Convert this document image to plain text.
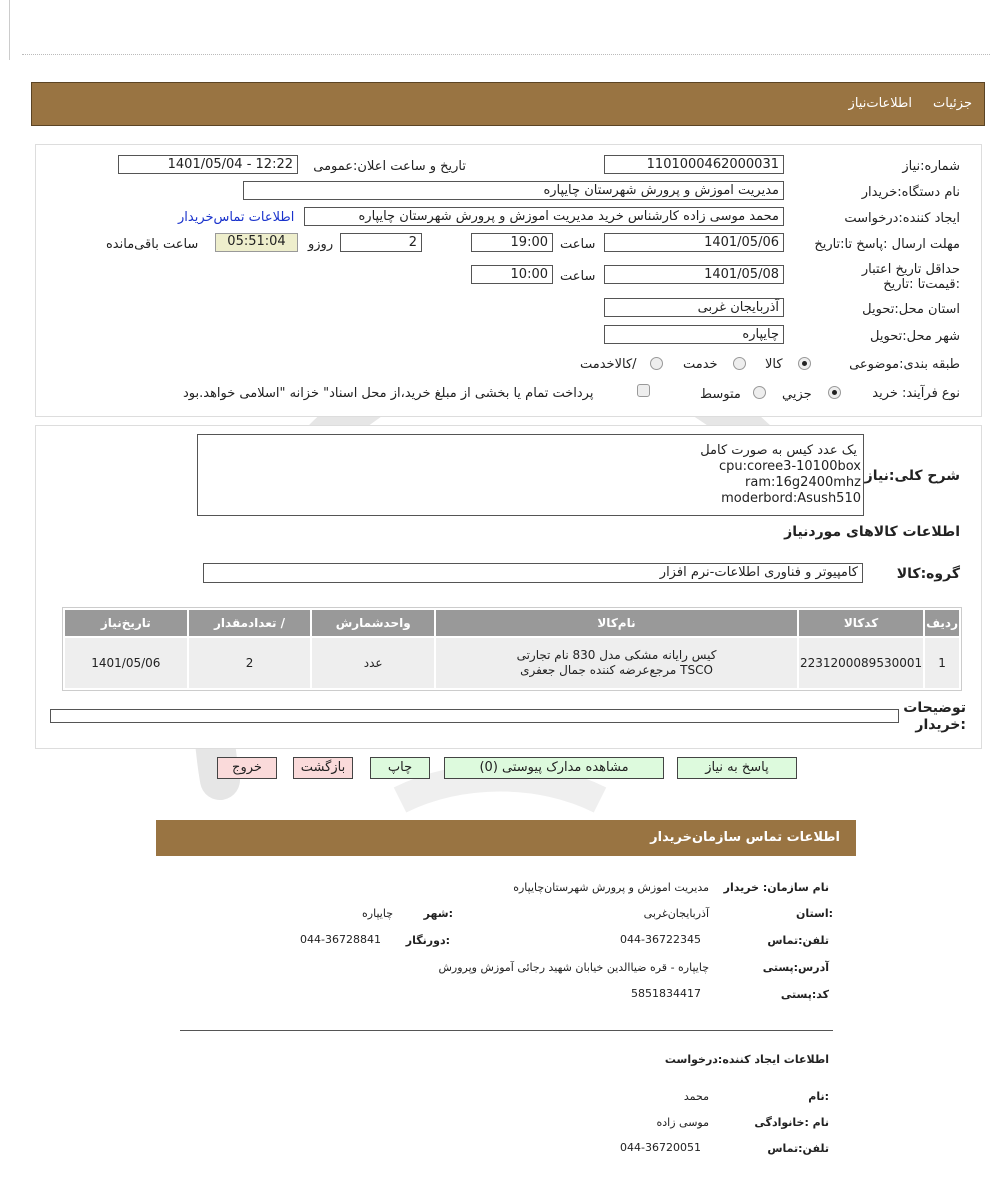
جزئیات
اطلاعات‌نیاز
شماره:نیاز
1101000462000031
تاریخ و ساعت اعلان:عمومی
1401/05/04 - 12:22
نام دستگاه:خریدار
مدیریت اموزش و پرورش شهرستان چایپاره
ایجاد کننده:درخواست
محمد موسی زاده کارشناس خرید مدیریت اموزش و پرورش شهرستان چایپاره
اطلاعات تماس‌خریدار
مهلت ارسال :پاسخ تا:تاریخ
1401/05/06
ساعت
19:00
2
روزو
05:51:04
ساعت باقی‌مانده
حداقل تاریخ اعتبار :قیمت‌تا :تاریخ
1401/05/08
ساعت
10:00
استان محل:تحویل
آذربایجان غربی
شهر محل:تحویل
چایپاره
طبقه بندی:موضوعی
کالا
خدمت
/کالاخدمت
نوع فرآیند: خرید
جزيي
متوسط
پرداخت تمام یا بخشی از مبلغ خرید،از محل اسناد" خزانه "اسلامی خواهد.بود
شرح کلی:نیاز
یک عدد کیس به صورت کامل
cpu:coree3-10100box
ram:16g2400mhz
moderbord:Asush510
اطلاعات کالاهای موردنیاز
گروه:کالا
کامپیوتر و فناوری اطلاعات-نرم افزار
ردیف	کدکالا	نام‌کالا	واحدشمارش	/ تعداد‌مقدار	تاریخ‌نیاز
1	2231200089530001	کیس رایانه مشکی مدل 830 نام تجارتی TSCO مرجع‌عرضه کننده جمال جعفری	عدد	2	1401/05/06
توضیحات :خریدار
پاسخ به نیاز
مشاهده مدارک پیوستی (0)
چاپ
بازگشت
خروج
اطلاعات تماس سازمان‌خریدار
نام سازمان: خریدار
مدیریت اموزش و پرورش شهرستان‌چایپاره
:استان
آذربایجان‌غربی
:شهر
چایپاره
تلفن:تماس
044-36722345
:دورنگار
044-36728841
آدرس:پستی
چایپاره - قره ضیاالدین خیابان شهید رجائی آموزش وپرورش
کد:پستی
5851834417
اطلاعات ایجاد کننده:درخواست
:نام
محمد
نام :خانوادگی
موسی زاده
تلفن:تماس
044-36720051
